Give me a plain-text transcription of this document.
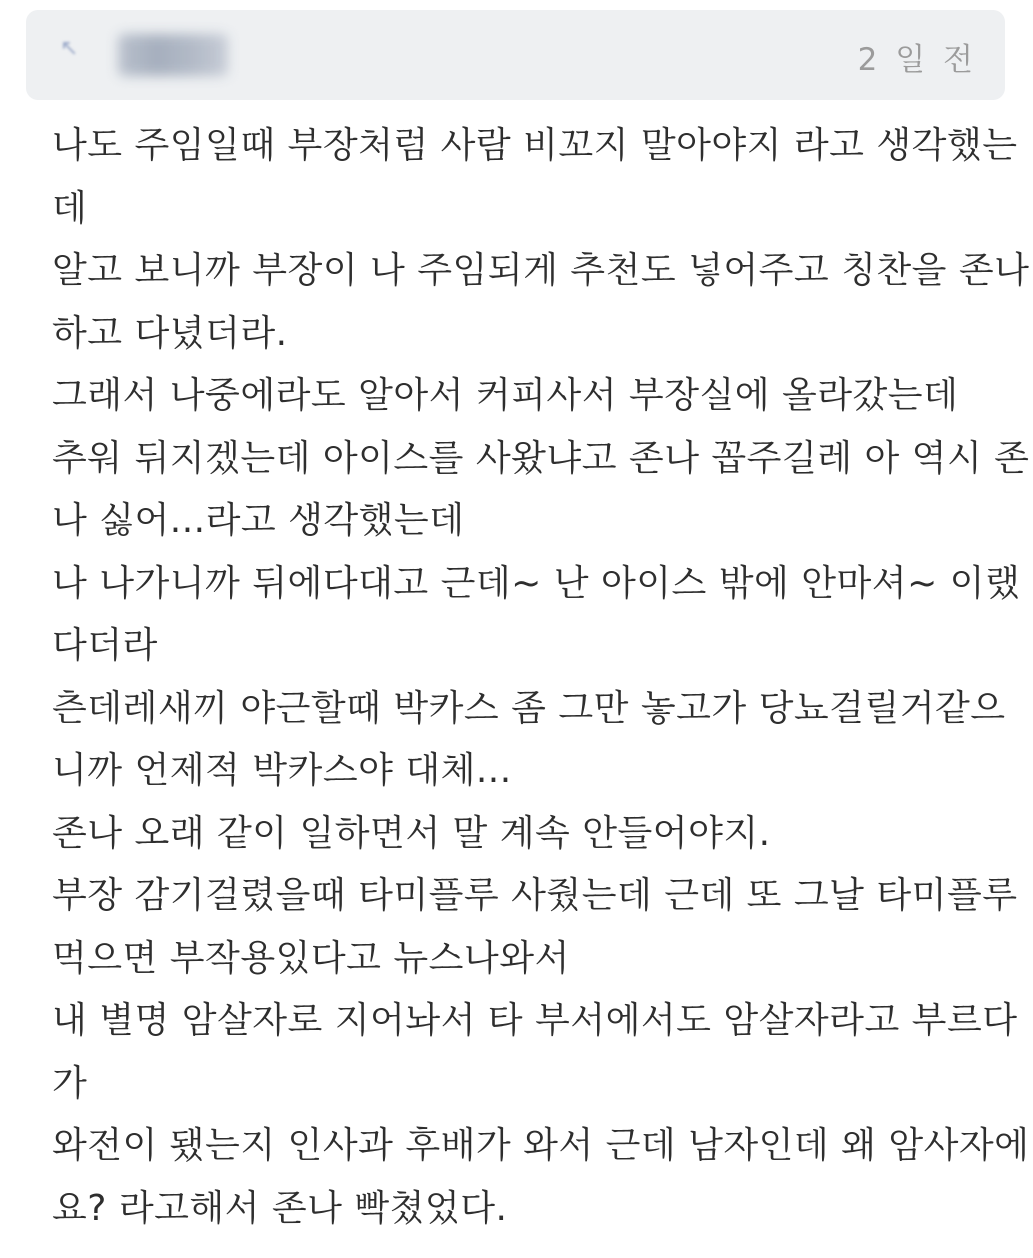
↖	2 일 전
나도 주임일때 부장처럼 사람 비꼬지 말아야지 라고 생각했는
데
알고 보니까 부장이 나 주임되게 추천도 넣어주고 칭찬을 존나
하고 다녔더라.
그래서 나중에라도 알아서 커피사서 부장실에 올라갔는데
추워 뒤지겠는데 아이스를 사왔냐고 존나 꼽주길레 아 역시 존
나 싫어...라고 생각했는데
나 나가니까 뒤에다대고 근데~ 난 아이스 밖에 안마셔~ 이랬
다더라
츤데레새끼 야근할때 박카스 좀 그만 놓고가 당뇨걸릴거같으
니까 언제적 박카스야 대체...
존나 오래 같이 일하면서 말 계속 안들어야지.
부장 감기걸렸을때 타미플루 사줬는데 근데 또 그날 타미플루
먹으면 부작용있다고 뉴스나와서
내 별명 암살자로 지어놔서 타 부서에서도 암살자라고 부르다
가
와전이 됐는지 인사과 후배가 와서 근데 남자인데 왜 암사자에
요? 라고해서 존나 빡쳤었다.
